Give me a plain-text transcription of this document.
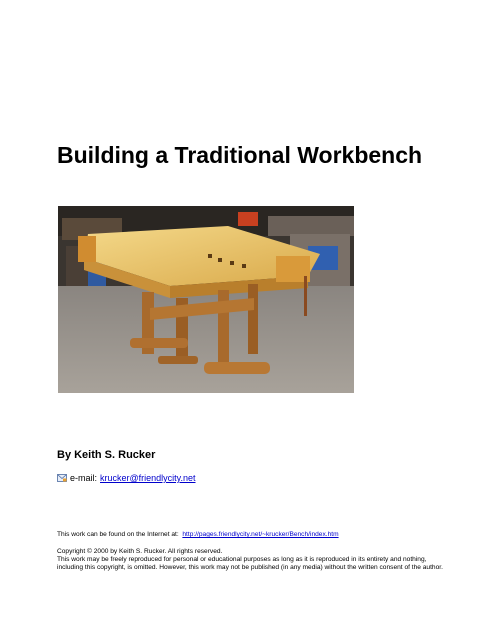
Building a Traditional Workbench
By Keith S. Rucker
e-mail: krucker@friendlycity.net
This work can be found on the Internet at: http://pages.friendlycity.net/~krucker/Bench/index.htm

Copyright © 2000 by Keith S. Rucker. All rights reserved.

This work may be freely reproduced for personal or educational purposes as long as it is reproduced in its entirety and nothing, including this copyright, is omitted. However, this work may not be published (in any media) without the written consent of the author.
